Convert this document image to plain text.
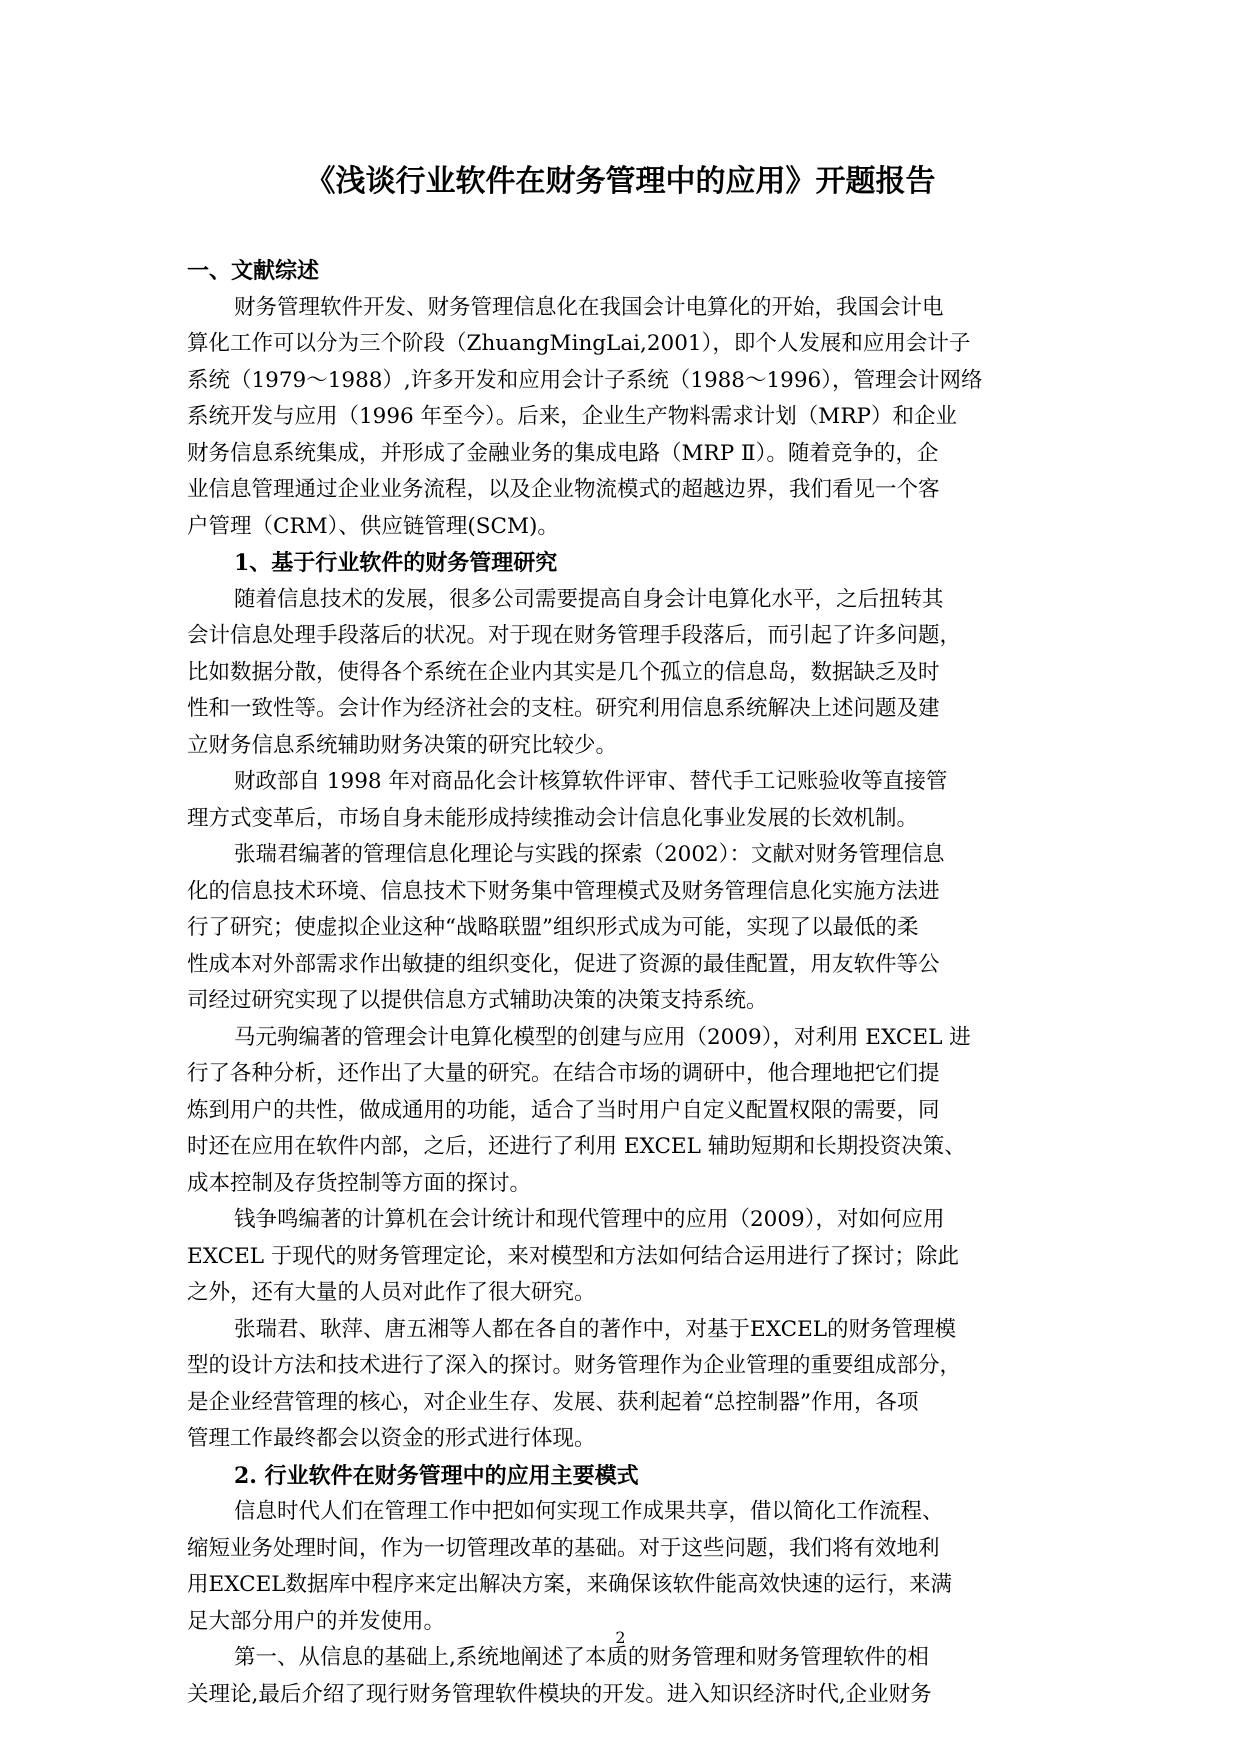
《浅谈行业软件在财务管理中的应用》开题报告
一、文献综述
财务管理软件开发、财务管理信息化在我国会计电算化的开始，我国会计电
算化工作可以分为三个阶段（ZhuangMingLai,2001），即个人发展和应用会计子
系统（1979～1988）,许多开发和应用会计子系统（1988～1996），管理会计网络
系统开发与应用（1996 年至今）。后来，企业生产物料需求计划（MRP）和企业
财务信息系统集成，并形成了金融业务的集成电路（MRP Ⅱ）。随着竞争的，企
业信息管理通过企业业务流程，以及企业物流模式的超越边界，我们看见一个客
户管理（CRM）、供应链管理(SCM)。
1、基于行业软件的财务管理研究
随着信息技术的发展，很多公司需要提高自身会计电算化水平，之后扭转其
会计信息处理手段落后的状况。对于现在财务管理手段落后，而引起了许多问题，
比如数据分散，使得各个系统在企业内其实是几个孤立的信息岛，数据缺乏及时
性和一致性等。会计作为经济社会的支柱。研究利用信息系统解决上述问题及建
立财务信息系统辅助财务决策的研究比较少。
财政部自 1998 年对商品化会计核算软件评审、替代手工记账验收等直接管
理方式变革后，市场自身未能形成持续推动会计信息化事业发展的长效机制。
张瑞君编著的管理信息化理论与实践的探索（2002）：文献对财务管理信息
化的信息技术环境、信息技术下财务集中管理模式及财务管理信息化实施方法进
行了研究；使虚拟企业这种“战略联盟”组织形式成为可能，实现了以最低的柔
性成本对外部需求作出敏捷的组织变化，促进了资源的最佳配置，用友软件等公
司经过研究实现了以提供信息方式辅助决策的决策支持系统。
马元驹编著的管理会计电算化模型的创建与应用（2009），对利用 EXCEL 进
行了各种分析，还作出了大量的研究。在结合市场的调研中，他合理地把它们提
炼到用户的共性，做成通用的功能，适合了当时用户自定义配置权限的需要，同
时还在应用在软件内部，之后，还进行了利用 EXCEL 辅助短期和长期投资决策、
成本控制及存货控制等方面的探讨。
钱争鸣编著的计算机在会计统计和现代管理中的应用（2009），对如何应用
EXCEL 于现代的财务管理定论，来对模型和方法如何结合运用进行了探讨；除此
之外，还有大量的人员对此作了很大研究。
张瑞君、耿萍、唐五湘等人都在各自的著作中，对基于EXCEL的财务管理模
型的设计方法和技术进行了深入的探讨。财务管理作为企业管理的重要组成部分，
是企业经营管理的核心，对企业生存、发展、获利起着“总控制器”作用，各项
管理工作最终都会以资金的形式进行体现。
2. 行业软件在财务管理中的应用主要模式
信息时代人们在管理工作中把如何实现工作成果共享，借以简化工作流程、
缩短业务处理时间，作为一切管理改革的基础。对于这些问题，我们将有效地利
用EXCEL数据库中程序来定出解决方案，来确保该软件能高效快速的运行，来满
足大部分用户的并发使用。
第一、从信息的基础上,系统地阐述了本质的财务管理和财务管理软件的相
关理论,最后介绍了现行财务管理软件模块的开发。进入知识经济时代,企业财务
2
